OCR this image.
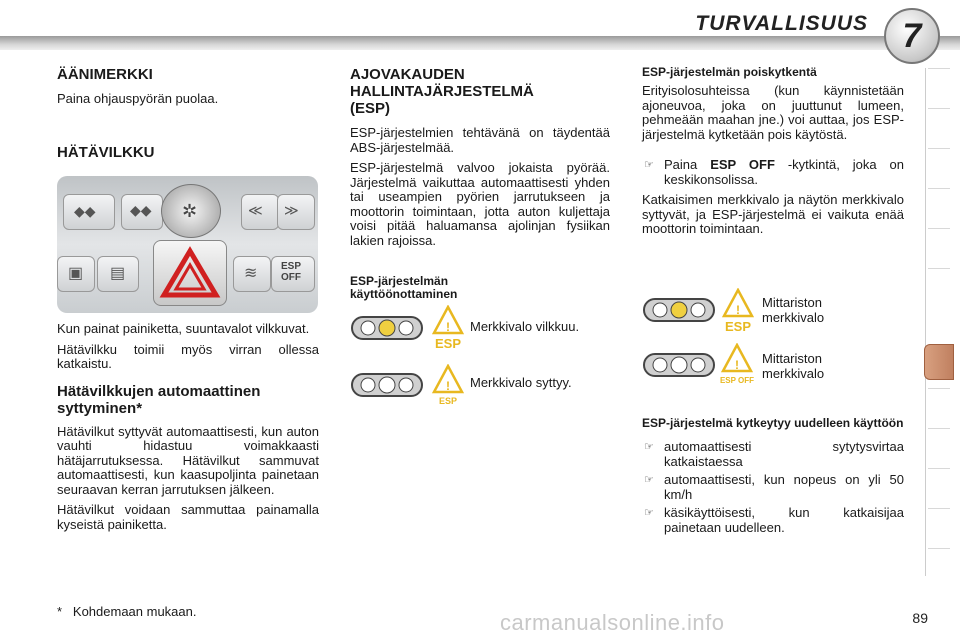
TURVALLISUUS	7

ÄÄNIMERKKI

Paina ohjauspyörän puolaa.

HÄTÄVILKKU

◆◆ ◆◆ ✲	≪ ≫
▣ ▤	≋ ESP
OFF

Kun painat painiketta, suuntavalot vilkkuvat.

Hätävilkku toimii myös virran ollessa katkaistu.

Hätävilkkujen automaattinen syttyminen*

Hätävilkut syttyvät automaattisesti, kun auton vauhti hidastuu voimakkaasti hätäjarrutuksessa. Hätävilkut sammuvat automaattisesti, kun kaasupoljinta painetaan seuraavan kerran jarrutuksen jälkeen.

Hätävilkut voidaan sammuttaa painamalla kyseistä painiketta.

* Kohdemaan mukaan.

AJOVAKAUDEN HALLINTAJÄRJESTELMÄ (ESP)

ESP-järjestelmien tehtävänä on täydentää ABS-järjestelmää.

ESP-järjestelmä valvoo jokaista pyörää. Järjestelmä vaikuttaa automaattisesti yhden tai useampien pyörien jarrutukseen ja moottorin toimintaan, jotta auton kuljettaja voisi pitää haluamansa ajolinjan fysiikan lakien rajoissa.

ESP-järjestelmän käyttöönottaminen

!
ESP
Merkkivalo vilkkuu.
!
ESP
Merkkivalo syttyy.

ESP-järjestelmän poiskytkentä

Erityisolosuhteissa (kun käynnistetään ajoneuvoa, joka on juuttunut lumeen, pehmeään maahan jne.) voi auttaa, jos ESP-järjestelmä kytketään pois käytöstä.

☞ Paina ESP OFF -kytkintä, joka on keskikonsolissa.

Katkaisimen merkkivalo ja näytön merkkivalo syttyvät, ja ESP-järjestelmä ei vaikuta enää moottorin toimintaan.

!
ESP
Mittariston merkkivalo
!
ESP OFF
Mittariston merkkivalo

ESP-järjestelmä kytkeytyy uudelleen käyttöön

☞ automaattisesti sytytysvirtaa katkaistaessa

☞ automaattisesti, kun nopeus on yli 50 km/h

☞ käsikäyttöisesti, kun katkaisijaa painetaan uudelleen.

carmanualsonline.info	89
